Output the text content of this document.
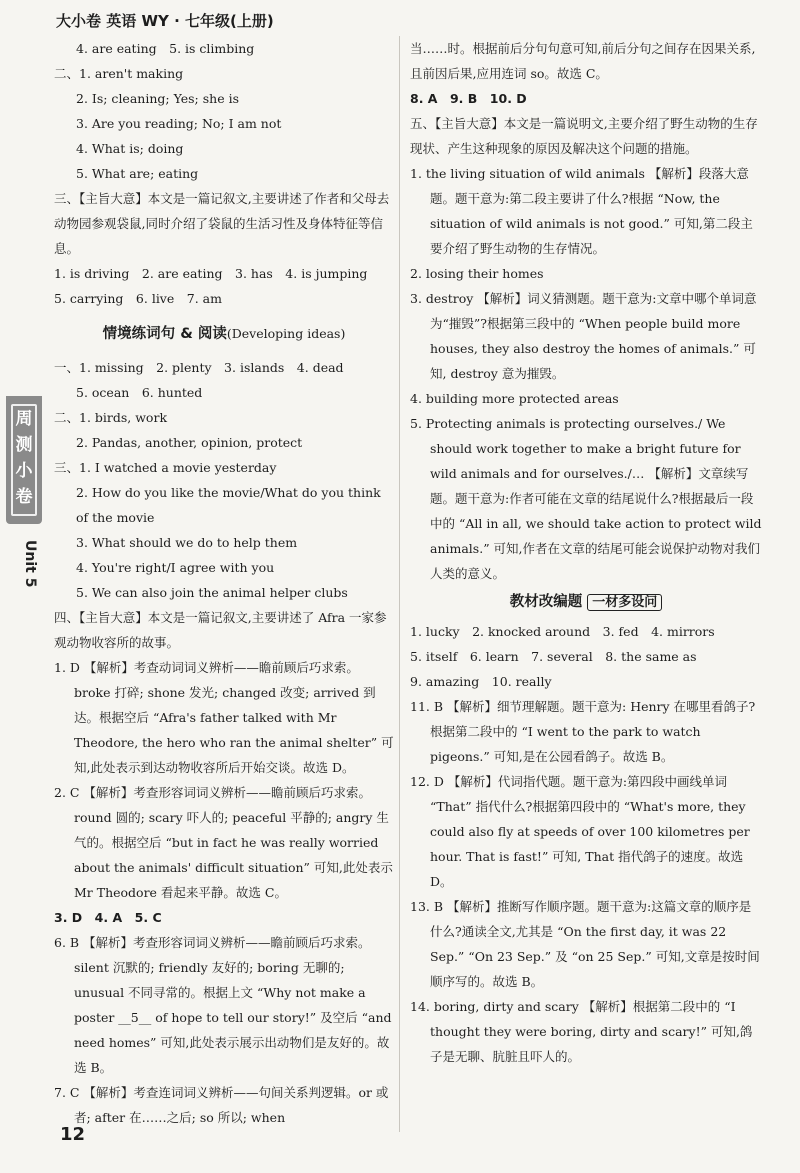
大小卷 英语 WY · 七年级(上册)
周
测
小
卷
Unit 5
4. are eating　5. is climbing
二、1. aren't making
2. Is; cleaning; Yes; she is
3. Are you reading; No; I am not
4. What is; doing
5. What are; eating
三、【主旨大意】本文是一篇记叙文,主要讲述了作者和父母去动物园参观袋鼠,同时介绍了袋鼠的生活习性及身体特征等信息。
1. is driving　2. are eating　3. has　4. is jumping
5. carrying　6. live　7. am
情境练词句 & 阅读(Developing ideas)
一、1. missing　2. plenty　3. islands　4. dead
5. ocean　6. hunted
二、1. birds, work
2. Pandas, another, opinion, protect
三、1. I watched a movie yesterday
2. How do you like the movie/What do you think of the movie
3. What should we do to help them
4. You're right/I agree with you
5. We can also join the animal helper clubs
四、【主旨大意】本文是一篇记叙文,主要讲述了 Afra 一家参观动物收容所的故事。
1. D 【解析】考查动词词义辨析——瞻前顾后巧求索。broke 打碎; shone 发光; changed 改变; arrived 到达。根据空后 “Afra's father talked with Mr Theodore, the hero who ran the animal shelter” 可知,此处表示到达动物收容所后开始交谈。故选 D。
2. C 【解析】考查形容词词义辨析——瞻前顾后巧求索。round 圆的; scary 吓人的; peaceful 平静的; angry 生气的。根据空后 “but in fact he was really worried about the animals' difficult situation” 可知,此处表示 Mr Theodore 看起来平静。故选 C。
3. D　4. A　5. C
6. B 【解析】考查形容词词义辨析——瞻前顾后巧求索。silent 沉默的; friendly 友好的; boring 无聊的; unusual 不同寻常的。根据上文 “Why not make a poster __5__ of hope to tell our story!” 及空后 “and need homes” 可知,此处表示展示出动物们是友好的。故选 B。
7. C 【解析】考查连词词义辨析——句间关系判逻辑。or 或者; after 在……之后; so 所以; when
当……时。根据前后分句句意可知,前后分句之间存在因果关系,且前因后果,应用连词 so。故选 C。
8. A　9. B　10. D
五、【主旨大意】本文是一篇说明文,主要介绍了野生动物的生存现状、产生这种现象的原因及解决这个问题的措施。
1. the living situation of wild animals 【解析】段落大意题。题干意为:第二段主要讲了什么?根据 “Now, the situation of wild animals is not good.” 可知,第二段主要介绍了野生动物的生存情况。
2. losing their homes
3. destroy 【解析】词义猜测题。题干意为:文章中哪个单词意为“摧毁”?根据第三段中的 “When people build more houses, they also destroy the homes of animals.” 可知, destroy 意为摧毁。
4. building more protected areas
5. Protecting animals is protecting ourselves./ We should work together to make a bright future for wild animals and for ourselves./… 【解析】文章续写题。题干意为:作者可能在文章的结尾说什么?根据最后一段中的 “All in all, we should take action to protect wild animals.” 可知,作者在文章的结尾可能会说保护动物对我们人类的意义。
教材改编题 一材多设问
1. lucky　2. knocked around　3. fed　4. mirrors
5. itself　6. learn　7. several　8. the same as
9. amazing　10. really
11. B 【解析】细节理解题。题干意为: Henry 在哪里看鸽子?根据第二段中的 “I went to the park to watch pigeons.” 可知,是在公园看鸽子。故选 B。
12. D 【解析】代词指代题。题干意为:第四段中画线单词 “That” 指代什么?根据第四段中的 “What's more, they could also fly at speeds of over 100 kilometres per hour. That is fast!” 可知, That 指代鸽子的速度。故选 D。
13. B 【解析】推断写作顺序题。题干意为:这篇文章的顺序是什么?通读全文,尤其是 “On the first day, it was 22 Sep.” “On 23 Sep.” 及 “on 25 Sep.” 可知,文章是按时间顺序写的。故选 B。
14. boring, dirty and scary 【解析】根据第二段中的 “I thought they were boring, dirty and scary!” 可知,鸽子是无聊、肮脏且吓人的。
12
